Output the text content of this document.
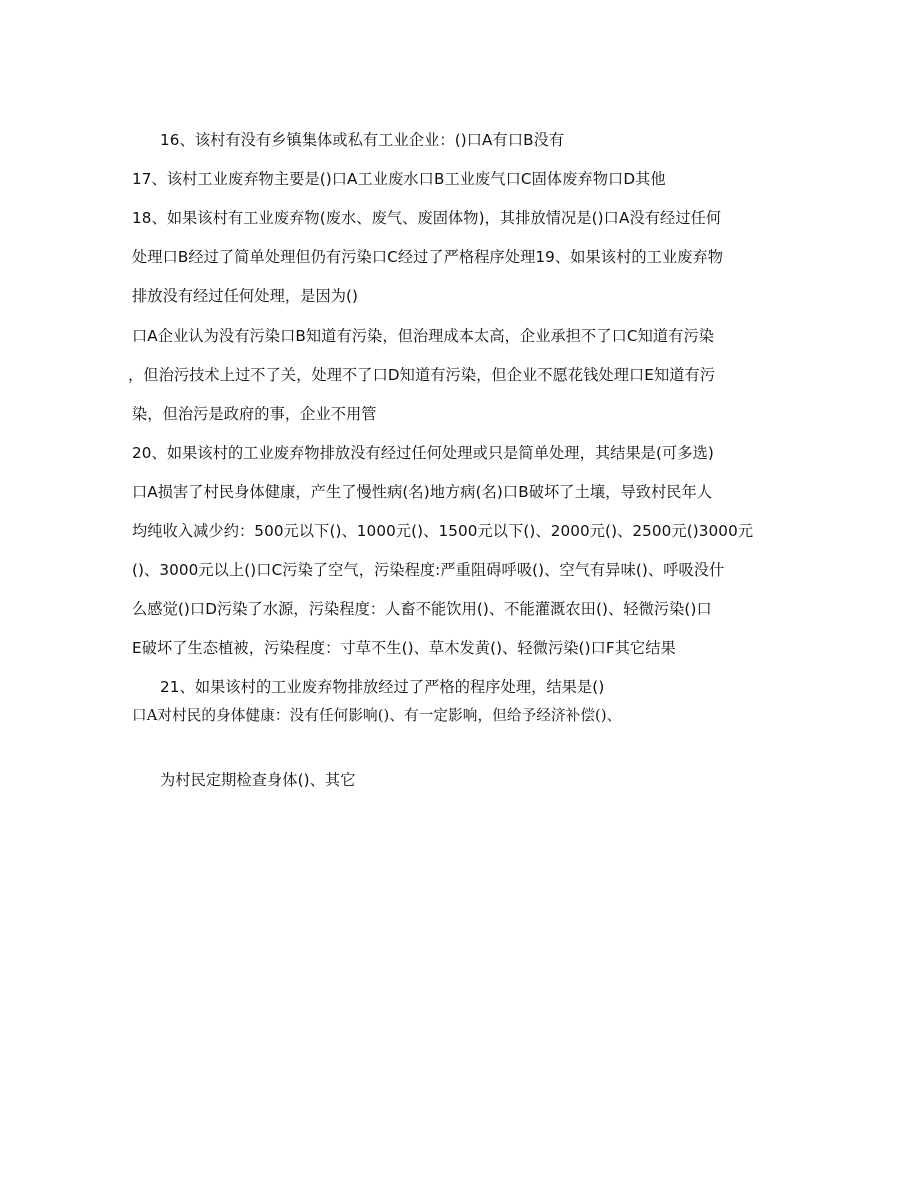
16、该村有没有乡镇集体或私有工业企业：()口A有口B没有
17、该村工业废弃物主要是()口A工业废水口B工业废气口C固体废弃物口D其他
18、如果该村有工业废弃物(废水、废气、废固体物)，其排放情况是()口A没有经过任何
处理口B经过了简单处理但仍有污染口C经过了严格程序处理19、如果该村的工业废弃物
排放没有经过任何处理，是因为()
口A企业认为没有污染口B知道有污染，但治理成本太高，企业承担不了口C知道有污染
，但治污技术上过不了关，处理不了口D知道有污染，但企业不愿花钱处理口E知道有污
染，但治污是政府的事，企业不用管
20、如果该村的工业废弃物排放没有经过任何处理或只是简单处理，其结果是(可多选)
口A损害了村民身体健康，产生了慢性病(名)地方病(名)口B破坏了土壤，导致村民年人
均纯收入减少约：500元以下()、1000元()、1500元以下()、2000元()、2500元()3000元
()、3000元以上()口C污染了空气，污染程度:严重阻碍呼吸()、空气有异味()、呼吸没什
么感觉()口D污染了水源，污染程度：人畜不能饮用()、不能灌溉农田()、轻微污染()口
E破坏了生态植被，污染程度：寸草不生()、草木发黄()、轻微污染()口F其它结果
21、如果该村的工业废弃物排放经过了严格的程序处理，结果是()
口A对村民的身体健康：没有任何影响()、有一定影响，但给予经济补偿()、
为村民定期检查身体()、其它
